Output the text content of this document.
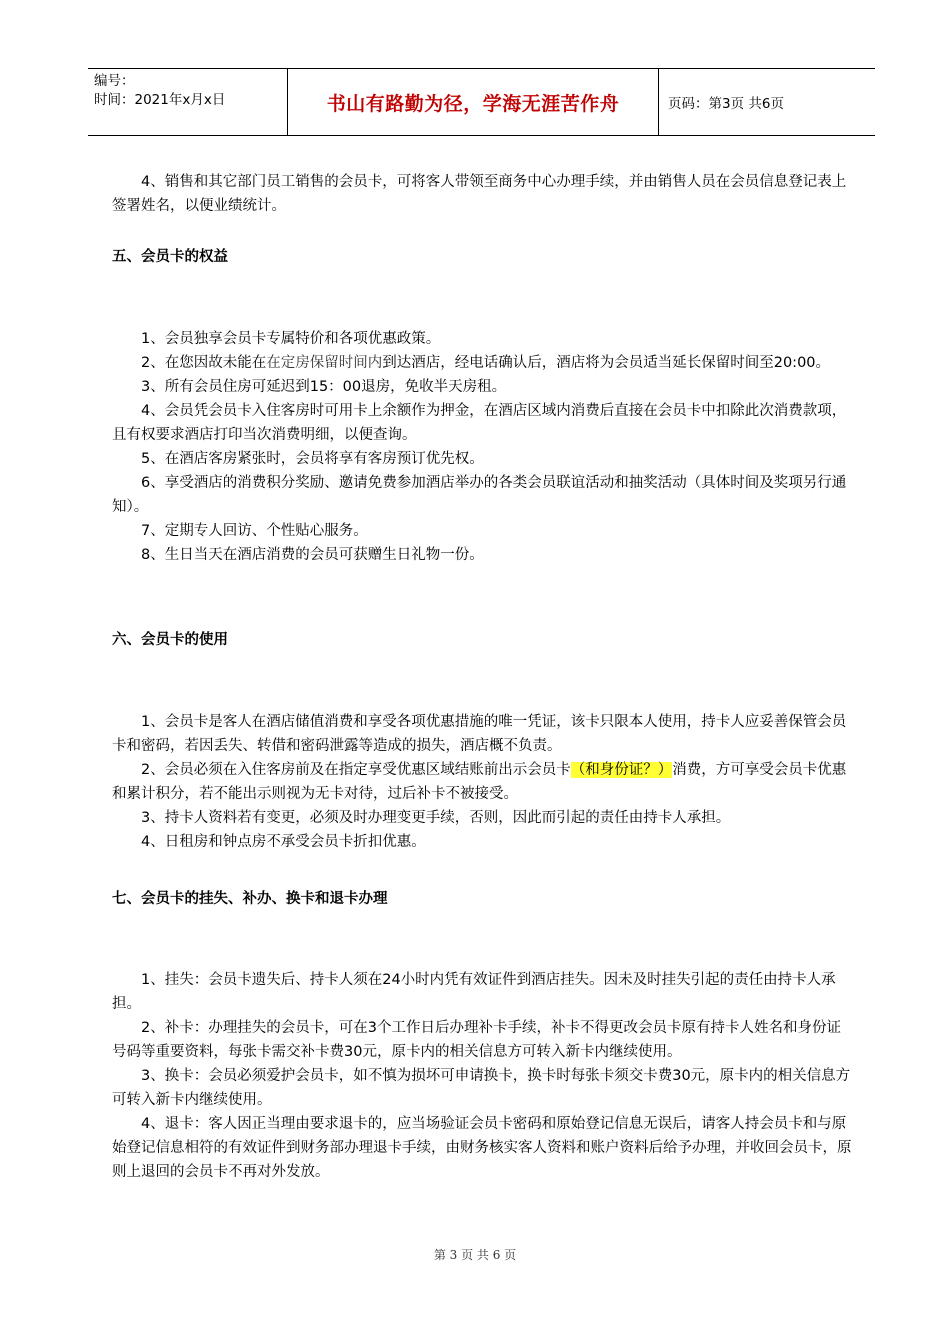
编号：
时间：2021年x月x日	书山有路勤为径，学海无涯苦作舟	页码：第3页 共6页

4、销售和其它部门员工销售的会员卡，可将客人带领至商务中心办理手续，并由销售人员在会员信息登记表上签署姓名，以便业绩统计。

五、会员卡的权益

1、会员独享会员卡专属特价和各项优惠政策。

2、在您因故未能在在定房保留时间内到达酒店，经电话确认后，酒店将为会员适当延长保留时间至20:00。

3、所有会员住房可延迟到15：00退房，免收半天房租。

4、会员凭会员卡入住客房时可用卡上余额作为押金，在酒店区域内消费后直接在会员卡中扣除此次消费款项，且有权要求酒店打印当次消费明细，以便查询。

5、在酒店客房紧张时，会员将享有客房预订优先权。

6、享受酒店的消费积分奖励、邀请免费参加酒店举办的各类会员联谊活动和抽奖活动（具体时间及奖项另行通知）。

7、定期专人回访、个性贴心服务。

8、生日当天在酒店消费的会员可获赠生日礼物一份。

六、会员卡的使用

1、会员卡是客人在酒店储值消费和享受各项优惠措施的唯一凭证，该卡只限本人使用，持卡人应妥善保管会员卡和密码，若因丢失、转借和密码泄露等造成的损失，酒店概不负责。

2、会员必须在入住客房前及在指定享受优惠区域结账前出示会员卡（和身份证？）消费，方可享受会员卡优惠和累计积分，若不能出示则视为无卡对待，过后补卡不被接受。

3、持卡人资料若有变更，必须及时办理变更手续，否则，因此而引起的责任由持卡人承担。

4、日租房和钟点房不承受会员卡折扣优惠。

七、会员卡的挂失、补办、换卡和退卡办理

1、挂失：会员卡遗失后、持卡人须在24小时内凭有效证件到酒店挂失。因未及时挂失引起的责任由持卡人承担。

2、补卡：办理挂失的会员卡，可在3个工作日后办理补卡手续，补卡不得更改会员卡原有持卡人姓名和身份证号码等重要资料，每张卡需交补卡费30元，原卡内的相关信息方可转入新卡内继续使用。

3、换卡：会员必须爱护会员卡，如不慎为损坏可申请换卡，换卡时每张卡须交卡费30元，原卡内的相关信息方可转入新卡内继续使用。

4、退卡：客人因正当理由要求退卡的，应当场验证会员卡密码和原始登记信息无误后，请客人持会员卡和与原始登记信息相符的有效证件到财务部办理退卡手续，由财务核实客人资料和账户资料后给予办理，并收回会员卡，原则上退回的会员卡不再对外发放。

第 3 页 共 6 页
